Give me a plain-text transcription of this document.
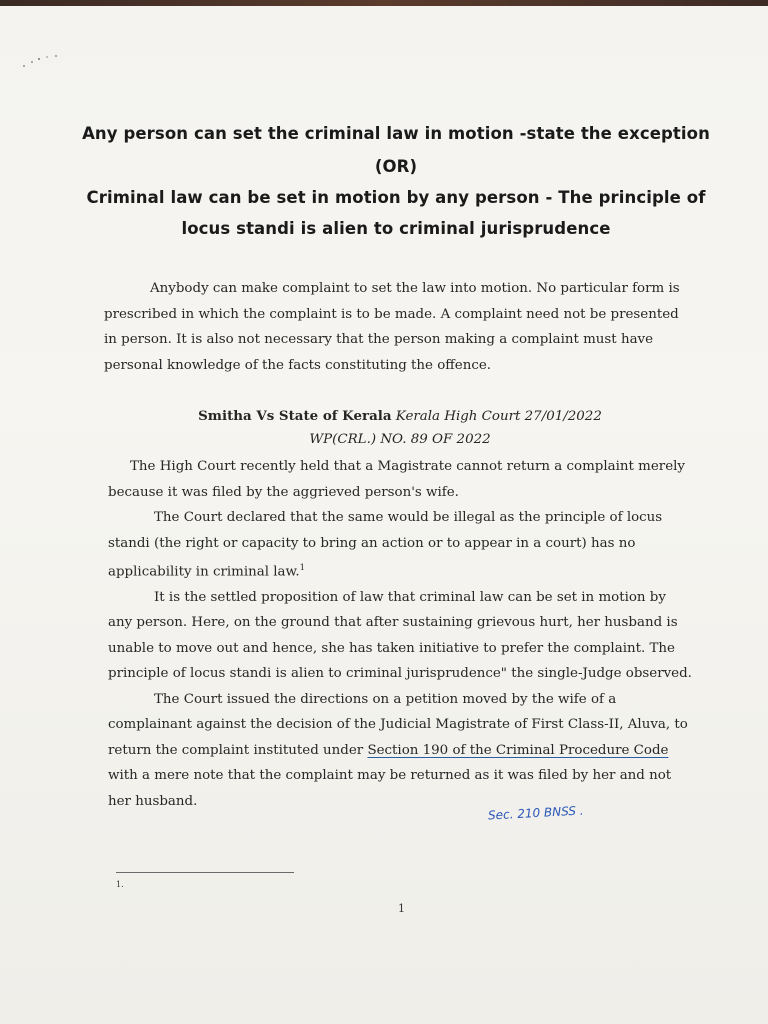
Any person can set the criminal law in motion -state the exception
(OR)
Criminal law can be set in motion by any person - The principle of
locus standi is alien to criminal jurisprudence

Anybody can make complaint to set the law into motion. No particular form is prescribed in which the complaint is to be made. A complaint need not be presented in person. It is also not necessary that the person making a complaint must have personal knowledge of the facts constituting the offence.

Smitha Vs State of Kerala Kerala High Court 27/01/2022
WP(CRL.) NO. 89 OF 2022

The High Court recently held that a Magistrate cannot return a complaint merely because it was filed by the aggrieved person's wife.

The Court declared that the same would be illegal as the principle of locus standi (the right or capacity to bring an action or to appear in a court) has no applicability in criminal law.$^1$

It is the settled proposition of law that criminal law can be set in motion by any person. Here, on the ground that after sustaining grievous hurt, her husband is unable to move out and hence, she has taken initiative to prefer the complaint. The principle of locus standi is alien to criminal jurisprudence" the single-Judge observed.

The Court issued the directions on a petition moved by the wife of a complainant against the decision of the Judicial Magistrate of First Class-II, Aluva, to return the complaint instituted under Section 190 of the Criminal Procedure Code with a mere note that the complaint may be returned as it was filed by her and not her husband.

Sec. 210 BNSS .
1.
1
